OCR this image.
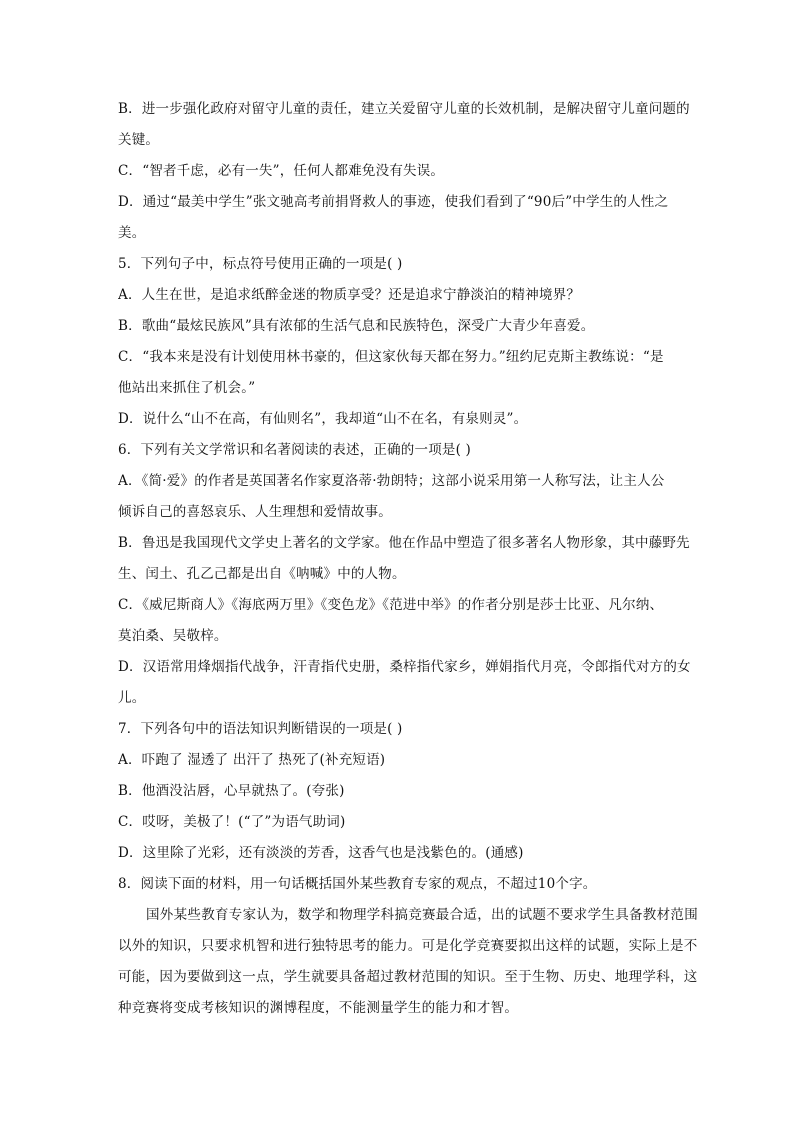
B．进一步强化政府对留守儿童的责任，建立关爱留守儿童的长效机制，是解决留守儿童问题的
关键。
C．“智者千虑，必有一失”，任何人都难免没有失误。
D．通过“最美中学生”张文驰高考前捐肾救人的事迹，使我们看到了“90后”中学生的人性之
美。
5．下列句子中，标点符号使用正确的一项是( )
A．人生在世，是追求纸醉金迷的物质享受？还是追求宁静淡泊的精神境界？
B．歌曲“最炫民族风”具有浓郁的生活气息和民族特色，深受广大青少年喜爱。
C．“我本来是没有计划使用林书豪的，但这家伙每天都在努力。”纽约尼克斯主教练说：“是
他站出来抓住了机会。”
D．说什么“山不在高，有仙则名”，我却道“山不在名，有泉则灵”。
6．下列有关文学常识和名著阅读的表述，正确的一项是( )
A．《简·爱》的作者是英国著名作家夏洛蒂·勃朗特；这部小说采用第一人称写法，让主人公
倾诉自己的喜怒哀乐、人生理想和爱情故事。
B．鲁迅是我国现代文学史上著名的文学家。他在作品中塑造了很多著名人物形象，其中藤野先
生、闰土、孔乙己都是出自《呐喊》中的人物。
C．《威尼斯商人》《海底两万里》《变色龙》《范进中举》的作者分别是莎士比亚、凡尔纳、
莫泊桑、吴敬梓。
D．汉语常用烽烟指代战争，汗青指代史册，桑梓指代家乡，婵娟指代月亮，令郎指代对方的女
儿。
7．下列各句中的语法知识判断错误的一项是( )
A．吓跑了 湿透了 出汗了 热死了(补充短语)
B．他酒没沾唇，心早就热了。(夸张)
C．哎呀，美极了！(“了”为语气助词)
D．这里除了光彩，还有淡淡的芳香，这香气也是浅紫色的。(通感)
8．阅读下面的材料，用一句话概括国外某些教育专家的观点，不超过10个字。
国外某些教育专家认为，数学和物理学科搞竞赛最合适，出的试题不要求学生具备教材范围
以外的知识，只要求机智和进行独特思考的能力。可是化学竞赛要拟出这样的试题，实际上是不
可能，因为要做到这一点，学生就要具备超过教材范围的知识。至于生物、历史、地理学科，这
种竞赛将变成考核知识的渊博程度，不能测量学生的能力和才智。
